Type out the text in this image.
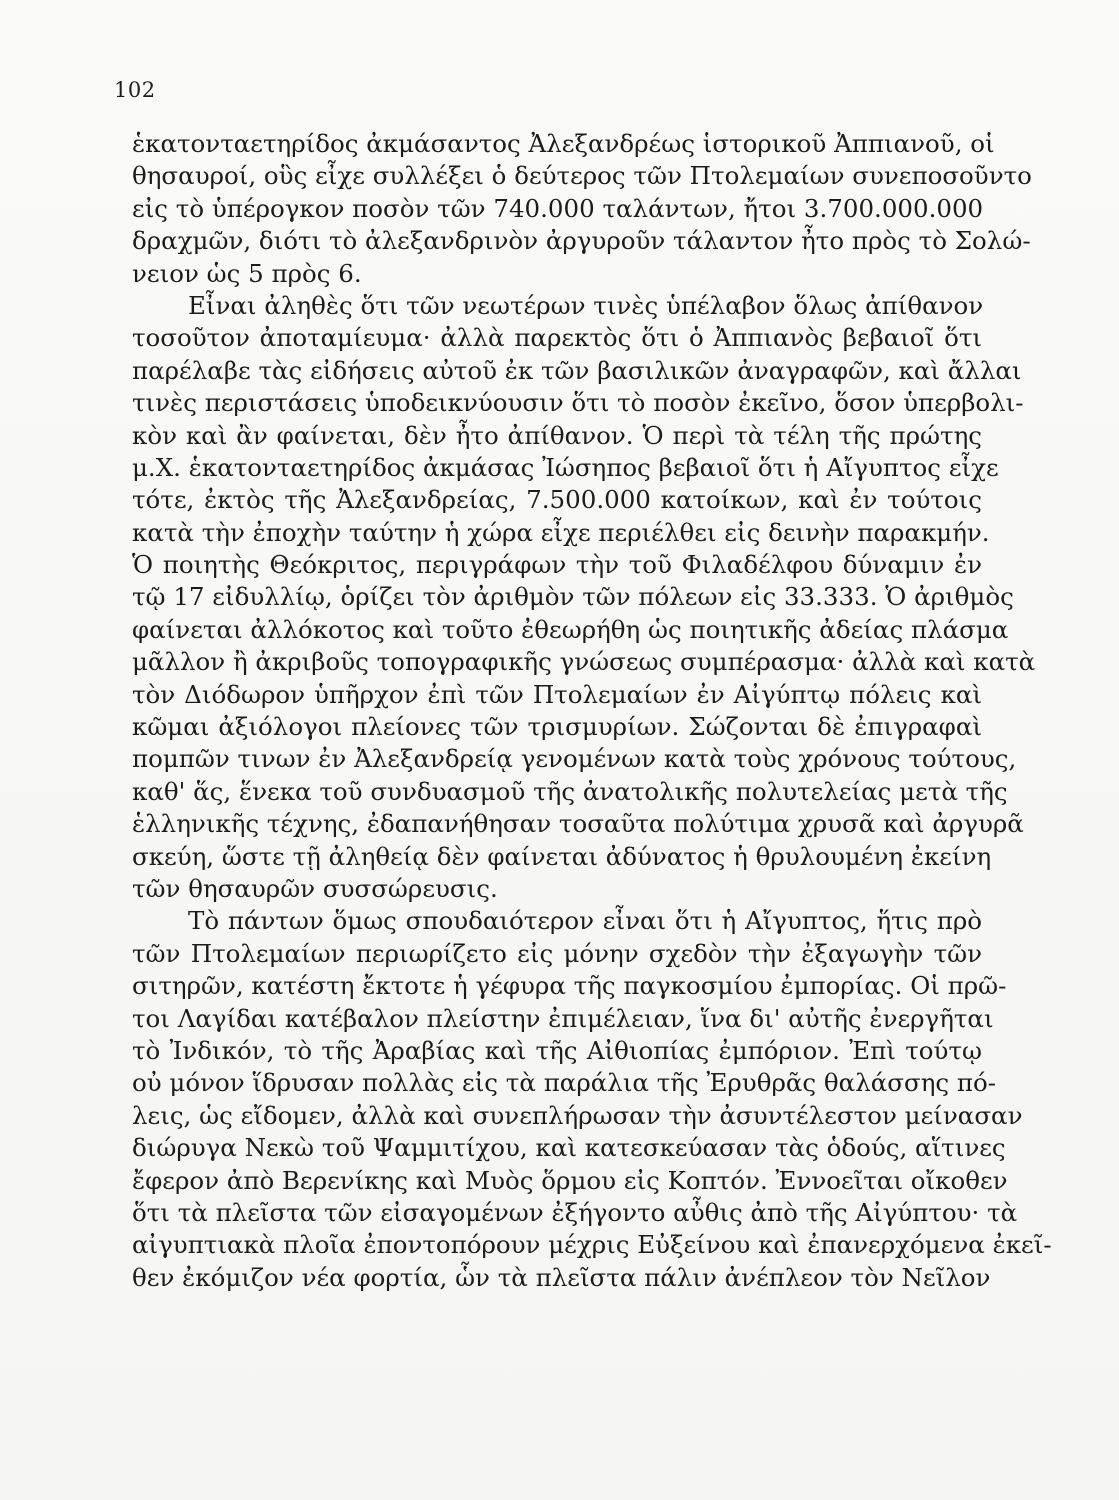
102
ἑκατονταετηρίδος ἀκμάσαντος Ἀλεξανδρέως ἱστορικοῦ Ἀππιανοῦ, οἱ
θησαυροί, οὓς εἶχε συλλέξει ὁ δεύτερος τῶν Πτολεμαίων συνεποσοῦντο
εἰς τὸ ὑπέρογκον ποσὸν τῶν 740.000 ταλάντων, ἤτοι 3.700.000.000
δραχμῶν, διότι τὸ ἀλεξανδρινὸν ἀργυροῦν τάλαντον ἦτο πρὸς τὸ Σολώ-
νειον ὡς 5 πρὸς 6.
Εἶναι ἀληθὲς ὅτι τῶν νεωτέρων τινὲς ὑπέλαβον ὅλως ἀπίθανον
τοσοῦτον ἀποταμίευμα· ἀλλὰ παρεκτὸς ὅτι ὁ Ἀππιανὸς βεβαιοῖ ὅτι
παρέλαβε τὰς εἰδήσεις αὐτοῦ ἐκ τῶν βασιλικῶν ἀναγραφῶν, καὶ ἄλλαι
τινὲς περιστάσεις ὑποδεικνύουσιν ὅτι τὸ ποσὸν ἐκεῖνο, ὅσον ὑπερβολι-
κὸν καὶ ἂν φαίνεται, δὲν ἦτο ἀπίθανον. Ὁ περὶ τὰ τέλη τῆς πρώτης
μ.Χ. ἑκατονταετηρίδος ἀκμάσας Ἰώσηπος βεβαιοῖ ὅτι ἡ Αἴγυπτος εἶχε
τότε, ἐκτὸς τῆς Ἀλεξανδρείας, 7.500.000 κατοίκων, καὶ ἐν τούτοις
κατὰ τὴν ἐποχὴν ταύτην ἡ χώρα εἶχε περιέλθει εἰς δεινὴν παρακμήν.
Ὁ ποιητὴς Θεόκριτος, περιγράφων τὴν τοῦ Φιλαδέλφου δύναμιν ἐν
τῷ 17 εἰδυλλίῳ, ὁρίζει τὸν ἀριθμὸν τῶν πόλεων εἰς 33.333. Ὁ ἀριθμὸς
φαίνεται ἀλλόκοτος καὶ τοῦτο ἐθεωρήθη ὡς ποιητικῆς ἀδείας πλάσμα
μᾶλλον ἢ ἀκριβοῦς τοπογραφικῆς γνώσεως συμπέρασμα· ἀλλὰ καὶ κατὰ
τὸν Διόδωρον ὑπῆρχον ἐπὶ τῶν Πτολεμαίων ἐν Αἰγύπτῳ πόλεις καὶ
κῶμαι ἀξιόλογοι πλείονες τῶν τρισμυρίων. Σώζονται δὲ ἐπιγραφαὶ
πομπῶν τινων ἐν Ἀλεξανδρείᾳ γενομένων κατὰ τοὺς χρόνους τούτους,
καθ' ἅς, ἕνεκα τοῦ συνδυασμοῦ τῆς ἀνατολικῆς πολυτελείας μετὰ τῆς
ἑλληνικῆς τέχνης, ἐδαπανήθησαν τοσαῦτα πολύτιμα χρυσᾶ καὶ ἀργυρᾶ
σκεύη, ὥστε τῇ ἀληθείᾳ δὲν φαίνεται ἀδύνατος ἡ θρυλουμένη ἐκείνη
τῶν θησαυρῶν συσσώρευσις.
Τὸ πάντων ὅμως σπουδαιότερον εἶναι ὅτι ἡ Αἴγυπτος, ἥτις πρὸ
τῶν Πτολεμαίων περιωρίζετο εἰς μόνην σχεδὸν τὴν ἐξαγωγὴν τῶν
σιτηρῶν, κατέστη ἔκτοτε ἡ γέφυρα τῆς παγκοσμίου ἐμπορίας. Οἱ πρῶ-
τοι Λαγίδαι κατέβαλον πλείστην ἐπιμέλειαν, ἵνα δι' αὐτῆς ἐνεργῆται
τὸ Ἰνδικόν, τὸ τῆς Ἀραβίας καὶ τῆς Αἰθιοπίας ἐμπόριον. Ἐπὶ τούτῳ
οὐ μόνον ἵδρυσαν πολλὰς εἰς τὰ παράλια τῆς Ἐρυθρᾶς θαλάσσης πό-
λεις, ὡς εἴδομεν, ἀλλὰ καὶ συνεπλήρωσαν τὴν ἀσυντέλεστον μείνασαν
διώρυγα Νεκὼ τοῦ Ψαμμιτίχου, καὶ κατεσκεύασαν τὰς ὁδούς, αἵτινες
ἔφερον ἀπὸ Βερενίκης καὶ Μυὸς ὅρμου εἰς Κοπτόν. Ἐννοεῖται οἴκοθεν
ὅτι τὰ πλεῖστα τῶν εἰσαγομένων ἐξήγοντο αὖθις ἀπὸ τῆς Αἰγύπτου· τὰ
αἰγυπτιακὰ πλοῖα ἐποντοπόρουν μέχρις Εὐξείνου καὶ ἐπανερχόμενα ἐκεῖ-
θεν ἐκόμιζον νέα φορτία, ὧν τὰ πλεῖστα πάλιν ἀνέπλεον τὸν Νεῖλον
